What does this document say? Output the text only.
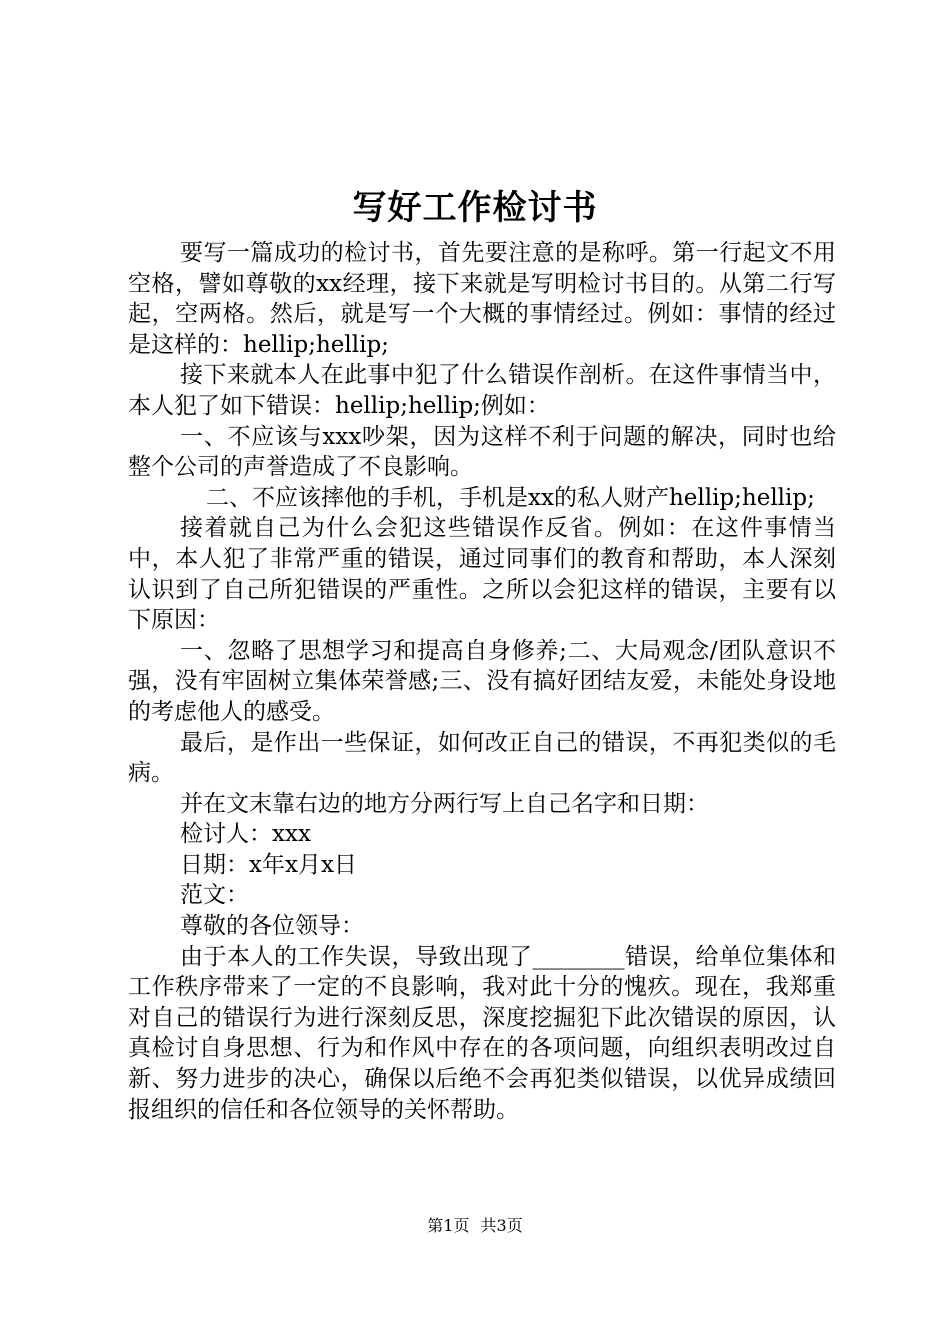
写好工作检讨书

要写一篇成功的检讨书，首先要注意的是称呼。第一行起文不用空格，譬如尊敬的xx经理，接下来就是写明检讨书目的。从第二行写起，空两格。然后，就是写一个大概的事情经过。例如：事情的经过是这样的：hellip;hellip;

接下来就本人在此事中犯了什么错误作剖析。在这件事情当中，本人犯了如下错误：hellip;hellip;例如：

一、不应该与xxx吵架，因为这样不利于问题的解决，同时也给整个公司的声誉造成了不良影响。

二、不应该摔他的手机，手机是xx的私人财产hellip;hellip;

接着就自己为什么会犯这些错误作反省。例如：在这件事情当中，本人犯了非常严重的错误，通过同事们的教育和帮助，本人深刻认识到了自己所犯错误的严重性。之所以会犯这样的错误，主要有以下原因：

一、忽略了思想学习和提高自身修养;二、大局观念/团队意识不强，没有牢固树立集体荣誉感;三、没有搞好团结友爱，未能处身设地的考虑他人的感受。

最后，是作出一些保证，如何改正自己的错误，不再犯类似的毛病。

并在文末靠右边的地方分两行写上自己名字和日期：

检讨人：xxx

日期：x年x月x日

范文：

尊敬的各位领导：

由于本人的工作失误，导致出现了________错误，给单位集体和工作秩序带来了一定的不良影响，我对此十分的愧疚。现在，我郑重对自己的错误行为进行深刻反思，深度挖掘犯下此次错误的原因，认真检讨自身思想、行为和作风中存在的各项问题，向组织表明改过自新、努力进步的决心，确保以后绝不会再犯类似错误，以优异成绩回报组织的信任和各位领导的关怀帮助。

第1页 共3页
